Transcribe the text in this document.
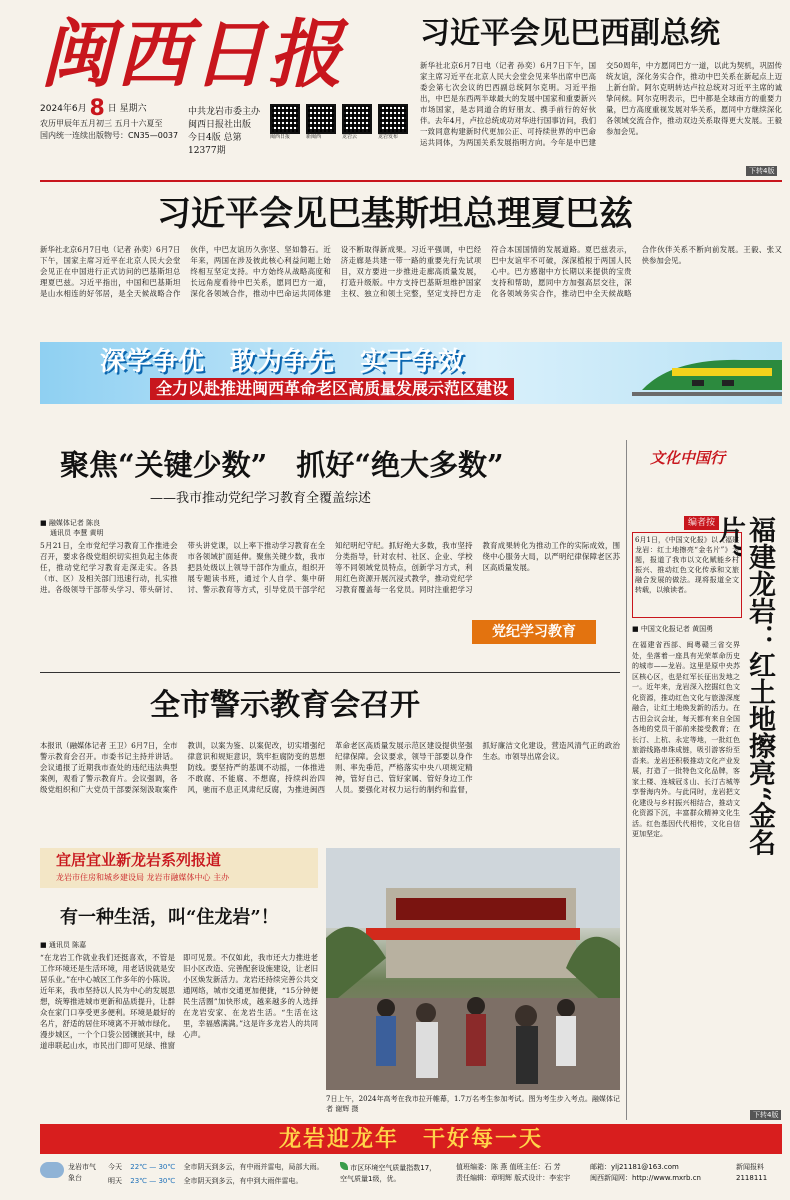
闽西日报
2024年6月 8 日 星期六
农历甲辰年五月初三 五月十六夏至
国内统一连续出版物号：CN35—0037
中共龙岩市委主办
闽西日报社出版
今日4版 总第12377期
闽西日报	新闽西	龙岩云	龙岩发布
习近平会见巴西副总统
新华社北京6月7日电（记者 孙奕）6月7日下午，国家主席习近平在北京人民大会堂会见来华出席中巴高委会第七次会议的巴西副总统阿尔克明。习近平指出，中巴是东西两半球最大的发展中国家和重要新兴市场国家，是志同道合的好朋友、携手前行的好伙伴。去年4月，卢拉总统成功对华进行国事访问，我们一致同意构建新时代更加公正、可持续世界的中巴命运共同体，为两国关系发展指明方向。今年是中巴建交50周年，中方愿同巴方一道，以此为契机，巩固传统友谊，深化务实合作，推动中巴关系在新起点上迈上新台阶。阿尔克明转达卢拉总统对习近平主席的诚挚问候。阿尔克明表示，巴中都是全球南方的重要力量，巴方高度重视发展对华关系，愿同中方继续深化各领域交流合作，推动双边关系取得更大发展。王毅参加会见。
下转4版
习近平会见巴基斯坦总理夏巴兹
新华社北京6月7日电（记者 孙奕）6月7日下午，国家主席习近平在北京人民大会堂会见正在中国进行正式访问的巴基斯坦总理夏巴兹。习近平指出，中国和巴基斯坦是山水相连的好邻居，是全天候战略合作伙伴，中巴友谊历久弥坚、坚如磐石。近年来，两国在涉及彼此核心利益问题上始终相互坚定支持。中方始终从战略高度和长远角度看待中巴关系，愿同巴方一道，深化各领域合作，推动中巴命运共同体建设不断取得新成果。习近平强调，中巴经济走廊是共建一带一路的重要先行先试项目，双方要进一步推进走廊高质量发展，打造升级版。中方支持巴基斯坦维护国家主权、独立和领土完整，坚定支持巴方走符合本国国情的发展道路。夏巴兹表示，巴中友谊牢不可破，深深植根于两国人民心中。巴方感谢中方长期以来提供的宝贵支持和帮助，愿同中方加强高层交往，深化各领域务实合作，推动巴中全天候战略合作伙伴关系不断向前发展。王毅、张又侠参加会见。
深学争优　敢为争先　实干争效
全力以赴推进闽西革命老区高质量发展示范区建设
聚焦“关键少数”　抓好“绝大多数”
——我市推动党纪学习教育全覆盖综述
■ 融媒体记者 陈良
通讯员 李慧 黄明
5月21日，全市党纪学习教育工作推进会召开，要求各级党组织切实担负起主体责任，推动党纪学习教育走深走实。各县（市、区）及相关部门迅速行动，扎实推进。各级领导干部带头学习、带头研讨、带头讲党课，以上率下推动学习教育在全市各领域扩面延伸。聚焦关键少数，我市把县处级以上领导干部作为重点，组织开展专题读书班，通过个人自学、集中研讨、警示教育等方式，引导党员干部学纪知纪明纪守纪。抓好绝大多数，我市坚持分类指导，针对农村、社区、企业、学校等不同领域党员特点，创新学习方式，利用红色资源开展沉浸式教学，推动党纪学习教育覆盖每一名党员。同时注重把学习教育成果转化为推动工作的实际成效，围绕中心服务大局，以严明纪律保障老区苏区高质量发展。
党纪学习教育
全市警示教育会召开
本报讯（融媒体记者 王卫）6月7日，全市警示教育会召开。市委书记主持并讲话。会议通报了近期我市查处的违纪违法典型案例，观看了警示教育片。会议强调，各级党组织和广大党员干部要深刻汲取案件教训，以案为鉴、以案促改，切实增强纪律意识和规矩意识，筑牢拒腐防变的思想防线。要坚持严的基调不动摇，一体推进不敢腐、不能腐、不想腐，持续纠治四风，驰而不息正风肃纪反腐，为推进闽西革命老区高质量发展示范区建设提供坚强纪律保障。会议要求，领导干部要以身作则、率先垂范，严格落实中央八项规定精神，管好自己、管好家属、管好身边工作人员。要强化对权力运行的制约和监督，抓好廉洁文化建设，营造风清气正的政治生态。市领导出席会议。
宜居宜业新龙岩系列报道
龙岩市住房和城乡建设局 龙岩市融媒体中心 主办
有一种生活，叫“住龙岩”！
■ 通讯员 陈嘉
“在龙岩工作就业我们还挺喜欢，不管是工作环境还是生活环境，用老话说就是安居乐业。”在中心城区工作多年的小陈说。近年来，我市坚持以人民为中心的发展思想，统筹推进城市更新和品质提升，让群众在家门口享受更多便利。环境是最好的名片，舒适的居住环境离不开城市绿化。漫步城区，一个个口袋公园镶嵌其中，绿道串联起山水，市民出门即可见绿、推窗即可见景。不仅如此，我市还大力推进老旧小区改造、完善配套设施建设，让老旧小区焕发新活力。龙岩还持续完善公共交通网络，城市交通更加便捷，“15分钟便民生活圈”加快形成，越来越多的人选择在龙岩安家、在龙岩生活。“生活在这里，幸福感满满。”这是许多龙岩人的共同心声。
7日上午，2024年高考在我市拉开帷幕，1.7万名考生参加考试。图为考生步入考点。融媒体记者 谢辉 摄
文化中国行
编者按
6月1日，《中国文化报》以《福建龙岩：红土地擦亮“金名片”》为题，报道了我市以文化赋能乡村振兴、推动红色文化传承和文旅融合发展的做法。现将报道全文转载，以飨读者。	福建龙岩：红土地擦亮“金名片”
■ 中国文化报记者 黄国勇
在福建省西部、闽粤赣三省交界处，坐落着一座具有光荣革命历史的城市——龙岩。这里是原中央苏区核心区，也是红军长征出发地之一。近年来，龙岩深入挖掘红色文化资源，推动红色文化与旅游深度融合，让红土地焕发新的活力。在古田会议会址，每天都有来自全国各地的党员干部前来接受教育；在长汀、上杭、永定等地，一批红色旅游线路串珠成链，吸引游客纷至沓来。龙岩还积极推动文化产业发展，打造了一批特色文化品牌，客家土楼、连城冠豸山、长汀古城等享誉海内外。与此同时，龙岩把文化建设与乡村振兴相结合，推动文化资源下沉，丰富群众精神文化生活。红色基因代代相传，文化自信更加坚定。
下转4版
龙岩迎龙年　干好每一天
龙岩市气象台
今天 22℃ — 30℃ 全市阴天到多云，有中雨并雷电，局部大雨。
明天 23℃ — 30℃ 全市阴天到多云，有中到大雨伴雷电。
市区环境空气质量指数17，空气质量1级，优。
值班编委：陈 燕 值班主任：石 芳
责任编辑：章明辉 版式设计：李宏宇
邮箱：ylj21181@163.com
闽西新闻网：http://www.mxrb.cn
新闻报料
2118111
